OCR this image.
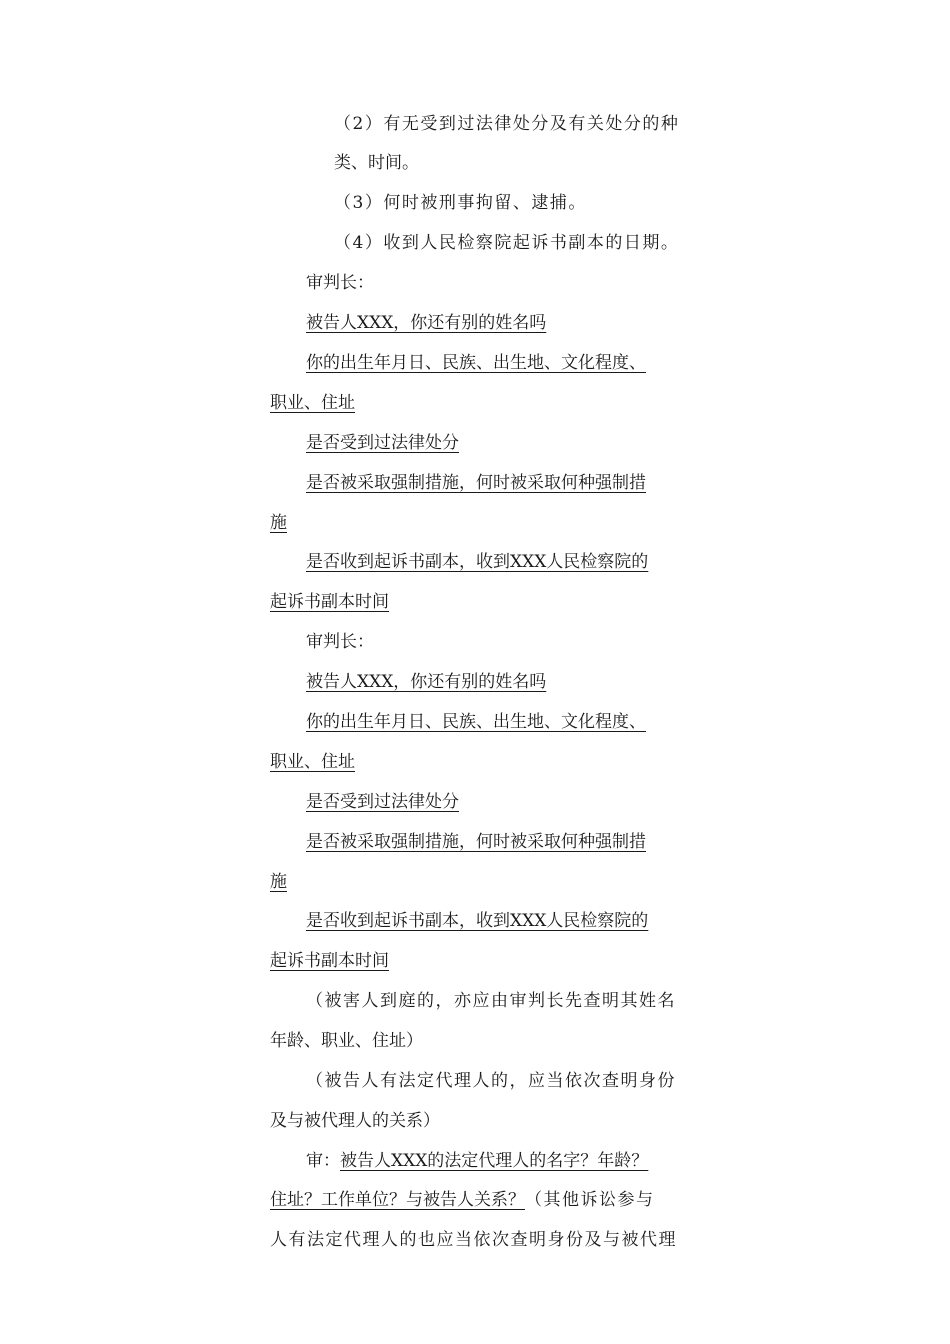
（2）有无受到过法律处分及有关处分的种
类、时间。
（3）何时被刑事拘留、逮捕。
（4）收到人民检察院起诉书副本的日期。
审判长：
被告人XXX，你还有别的姓名吗
你的出生年月日、民族、出生地、文化程度、
职业、住址
是否受到过法律处分
是否被采取强制措施，何时被采取何种强制措
施
是否收到起诉书副本，收到XXX人民检察院的
起诉书副本时间
审判长：
被告人XXX，你还有别的姓名吗
你的出生年月日、民族、出生地、文化程度、
职业、住址
是否受到过法律处分
是否被采取强制措施，何时被采取何种强制措
施
是否收到起诉书副本，收到XXX人民检察院的
起诉书副本时间
（被害人到庭的，亦应由审判长先查明其姓名
年龄、职业、住址）
（被告人有法定代理人的，应当依次查明身份
及与被代理人的关系）
审：被告人XXX的法定代理人的名字？年龄？
住址？工作单位？与被告人关系？（其他诉讼参与
人有法定代理人的也应当依次查明身份及与被代理
